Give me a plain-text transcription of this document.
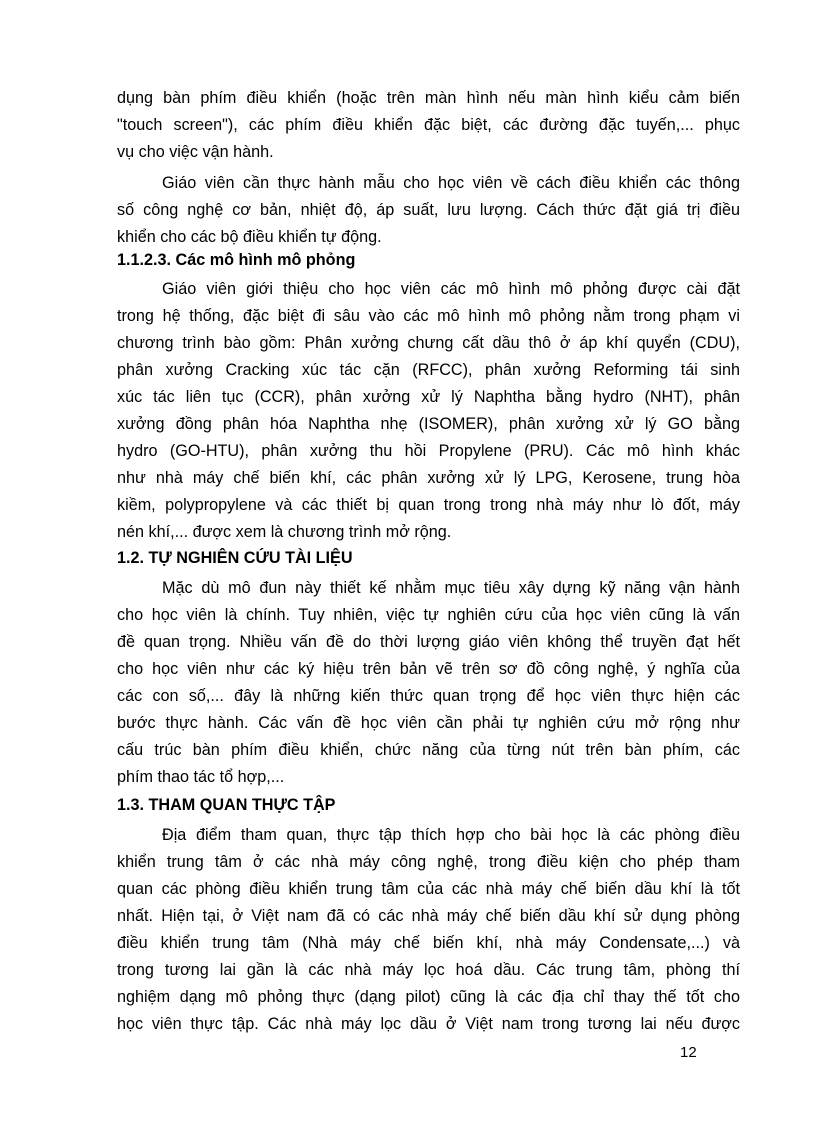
dụng bàn phím điều khiển (hoặc trên màn hình nếu màn hình kiểu cảm biến
"touch screen"), các phím điều khiển đặc biệt, các đường đặc tuyến,... phục
vụ cho việc vận hành.
Giáo viên cần thực hành mẫu cho học viên về cách điều khiển các thông
số công nghệ cơ bản, nhiệt độ, áp suất, lưu lượng. Cách thức đặt giá trị điều
khiển cho các bộ điều khiển tự động.
1.1.2.3. Các mô hình mô phỏng
Giáo viên giới thiệu cho học viên các mô hình mô phỏng được cài đặt
trong hệ thống, đặc biệt đi sâu vào các mô hình mô phỏng nằm trong phạm vi
chương trình bào gồm: Phân xưởng chưng cất dầu thô ở áp khí quyển (CDU),
phân xưởng Cracking xúc tác cặn (RFCC), phân xưởng Reforming tái sinh
xúc tác liên tục (CCR), phân xưởng xử lý Naphtha bằng hydro (NHT), phân
xưởng đồng phân hóa Naphtha nhẹ (ISOMER), phân xưởng xử lý GO bằng
hydro (GO-HTU), phân xưởng thu hồi Propylene (PRU). Các mô hình khác
như nhà máy chế biến khí, các phân xưởng xử lý LPG, Kerosene, trung hòa
kiềm, polypropylene và các thiết bị quan trong trong nhà máy như lò đốt, máy
nén khí,... được xem là chương trình mở rộng.
1.2. TỰ NGHIÊN CỨU TÀI LIỆU
Mặc dù mô đun này thiết kế nhằm mục tiêu xây dựng kỹ năng vận hành
cho học viên là chính. Tuy nhiên, việc tự nghiên cứu của học viên cũng là vấn
đề quan trọng. Nhiều vấn đề do thời lượng giáo viên không thể truyền đạt hết
cho học viên như các ký hiệu trên bản vẽ trên sơ đồ công nghệ, ý nghĩa của
các con số,... đây là những kiến thức quan trọng để học viên thực hiện các
bước thực hành. Các vấn đề học viên cần phải tự nghiên cứu mở rộng như
cấu trúc bàn phím điều khiển, chức năng của từng nút trên bàn phím, các
phím thao tác tổ hợp,...
1.3. THAM QUAN THỰC TẬP
Địa điểm tham quan, thực tập thích hợp cho bài học là các phòng điều
khiển trung tâm ở các nhà máy công nghệ, trong điều kiện cho phép tham
quan các phòng điều khiển trung tâm của các nhà máy chế biến dầu khí là tốt
nhất. Hiện tại, ở Việt nam đã có các nhà máy chế biến dầu khí sử dụng phòng
điều khiển trung tâm (Nhà máy chế biến khí, nhà máy Condensate,...) và
trong tương lai gần là các nhà máy lọc hoá dầu. Các trung tâm, phòng thí
nghiệm dạng mô phỏng thực (dạng pilot) cũng là các địa chỉ thay thế tốt cho
học viên thực tập. Các nhà máy lọc dầu ở Việt nam trong tương lai nếu được
12
